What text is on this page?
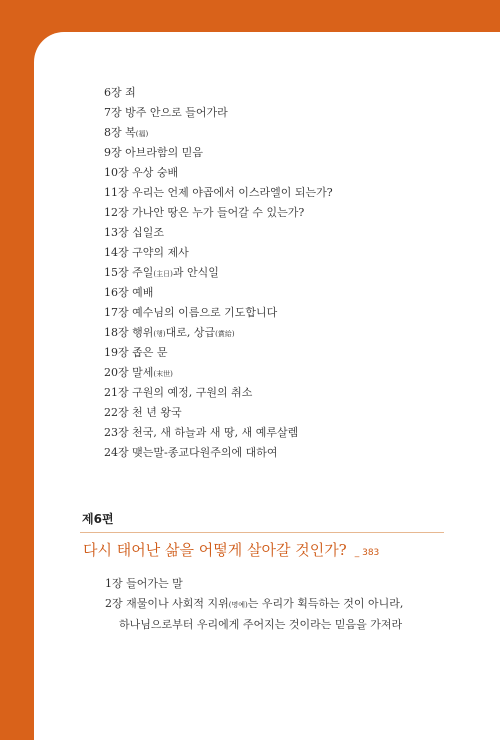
6장 죄
7장 방주 안으로 들어가라
8장 복(福)
9장 아브라함의 믿음
10장 우상 숭배
11장 우리는 언제 야곱에서 이스라엘이 되는가?
12장 가나안 땅은 누가 들어갈 수 있는가?
13장 십일조
14장 구약의 제사
15장 주일(主日)과 안식일
16장 예배
17장 예수님의 이름으로 기도합니다
18장 행위(행)대로, 상급(賞給)
19장 좁은 문
20장 말세(末世)
21장 구원의 예정, 구원의 취소
22장 천 년 왕국
23장 천국, 새 하늘과 새 땅, 새 예루살렘
24장 맺는말-종교다원주의에 대하여
제6편
다시 태어난 삶을 어떻게 살아갈 것인가? _ 383
1장 들어가는 말
2장 재물이나 사회적 지위(명예)는 우리가 획득하는 것이 아니라,
하나님으로부터 우리에게 주어지는 것이라는 믿음을 가져라
